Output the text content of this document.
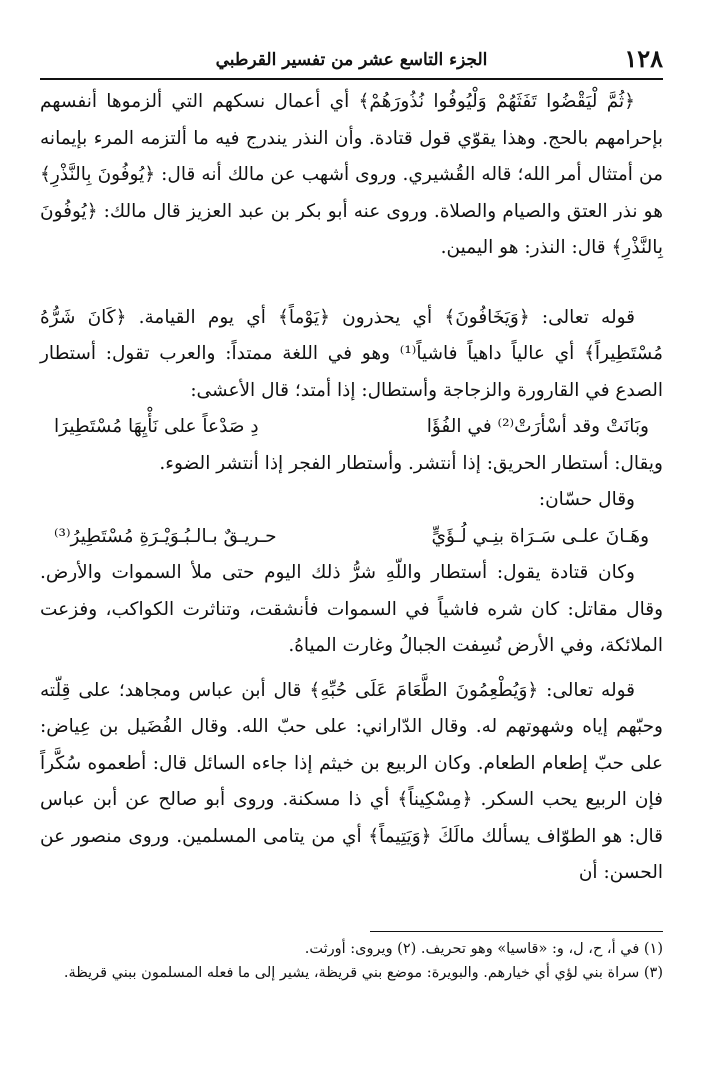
١٢٨
الجزء التاسع عشر من تفسير القرطبي

﴿ثُمَّ لْيَقْضُوا تَفَثَهُمْ وَلْيُوفُوا نُذُورَهُمْ﴾ أي أعمال نسكهم التي ألزموها أنفسهم بإحرامهم بالحج. وهذا يقوّي قول قتادة. وأن النذر يندرج فيه ما ألتزمه المرء بإيمانه من أمتثال أمر الله؛ قاله القُشيري. وروى أشهب عن مالك أنه قال: ﴿يُوفُونَ بِالنَّذْرِ﴾ هو نذر العتق والصيام والصلاة. وروى عنه أبو بكر بن عبد العزيز قال مالك: ﴿يُوفُونَ بِالنَّذْرِ﴾ قال: النذر: هو اليمين.

قوله تعالى: ﴿وَيَخَافُونَ﴾ أي يحذرون ﴿يَوْماً﴾ أي يوم القيامة. ﴿كَانَ شَرُّهُ مُسْتَطِيراً﴾ أي عالياً داهياً فاشياً⁽¹⁾ وهو في اللغة ممتداً: والعرب تقول: أستطار الصدع في القارورة والزجاجة وأستطال: إذا أمتد؛ قال الأعشى:

وبَانَتْ وقد أسْأرَتْ⁽²⁾ في الفُؤَا
دِ صَدْعاً على نَأْيِهَا مُسْتَطِيرَا

ويقال: أستطار الحريق: إذا أنتشر. وأستطار الفجر إذا أنتشر الضوء.

وقال حسّان:
وهَـانَ علـى سَـرَاة بنِـي لُـؤَيٍّ
حـريـقٌ بـالـبُـوَيْـرَةِ مُسْتَطِيرُ⁽³⁾

وكان قتادة يقول: أستطار واللّهِ شرُّ ذلك اليوم حتى ملأ السموات والأرض. وقال مقاتل: كان شره فاشياً في السموات فأنشقت، وتناثرت الكواكب، وفزعت الملائكة، وفي الأرض نُسِفت الجبالُ وغارت المياهُ.

قوله تعالى: ﴿وَيُطْعِمُونَ الطَّعَامَ عَلَى حُبِّهِ﴾ قال أبن عباس ومجاهد؛ على قِلّته وحبّهم إياه وشهوتهم له. وقال الدّاراني: على حبّ الله. وقال الفُضَيل بن عِياض: على حبّ إطعام الطعام. وكان الربيع بن خيثم إذا جاءه السائل قال: أطعموه سُكَّراً فإن الربيع يحب السكر. ﴿مِسْكِيناً﴾ أي ذا مسكنة. وروى أبو صالح عن أبن عباس قال: هو الطوّاف يسألك مالَكَ ﴿وَيَتِيماً﴾ أي من يتامى المسلمين. وروى منصور عن الحسن: أن

(١) في أ، ح، ل، و: «قاسيا» وهو تحريف. (٢) ويروى: أورثت.

(٣) سراة بني لؤي أي خيارهم. والبويرة: موضع بني قريظة، يشير إلى ما فعله المسلمون ببني قريظة.
